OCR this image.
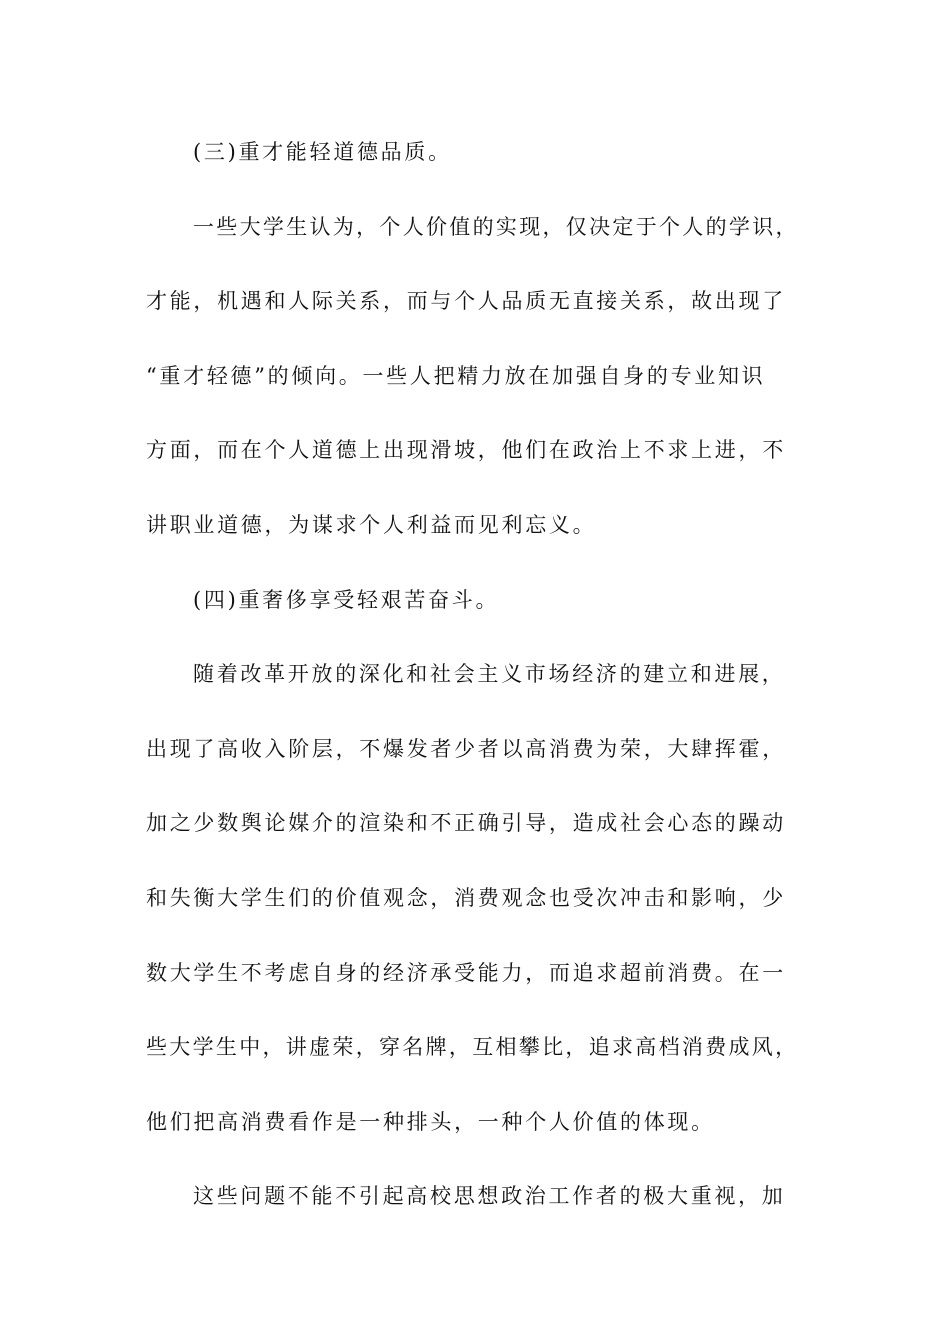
(三)重才能轻道德品质。

一些大学生认为，个人价值的实现，仅决定于个人的学识，

才能，机遇和人际关系，而与个人品质无直接关系，故出现了

“重才轻德”的倾向。一些人把精力放在加强自身的专业知识

方面，而在个人道德上出现滑坡，他们在政治上不求上进，不

讲职业道德，为谋求个人利益而见利忘义。

(四)重奢侈享受轻艰苦奋斗。

随着改革开放的深化和社会主义市场经济的建立和进展，

出现了高收入阶层，不爆发者少者以高消费为荣，大肆挥霍，

加之少数舆论媒介的渲染和不正确引导，造成社会心态的躁动

和失衡大学生们的价值观念，消费观念也受次冲击和影响，少

数大学生不考虑自身的经济承受能力，而追求超前消费。在一

些大学生中，讲虚荣，穿名牌，互相攀比，追求高档消费成风，

他们把高消费看作是一种排头，一种个人价值的体现。

这些问题不能不引起高校思想政治工作者的极大重视，加
